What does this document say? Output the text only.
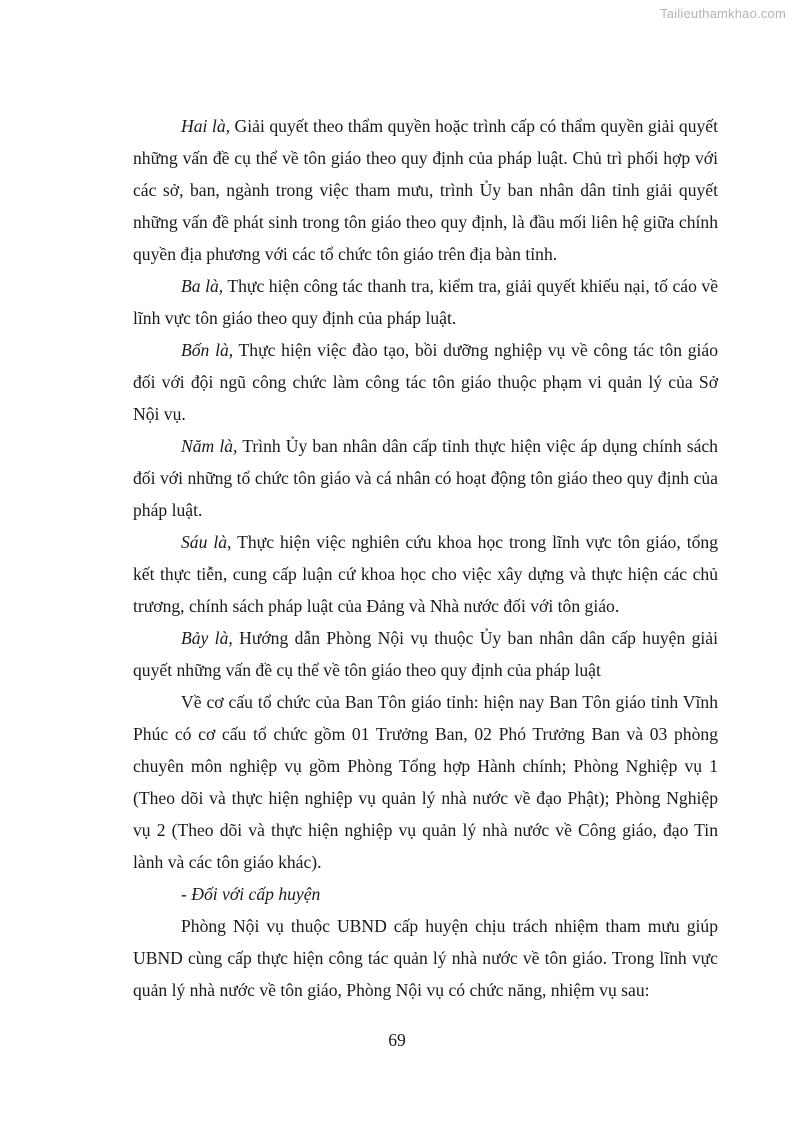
Tailieuthamkhao.com

Hai là, Giải quyết theo thẩm quyền hoặc trình cấp có thẩm quyền giải quyết những vấn đề cụ thể về tôn giáo theo quy định của pháp luật. Chủ trì phối hợp với các sở, ban, ngành trong việc tham mưu, trình Ủy ban nhân dân tỉnh giải quyết những vấn đề phát sinh trong tôn giáo theo quy định, là đầu mối liên hệ giữa chính quyền địa phương với các tổ chức tôn giáo trên địa bàn tỉnh.

Ba là, Thực hiện công tác thanh tra, kiểm tra, giải quyết khiếu nại, tố cáo về lĩnh vực tôn giáo theo quy định của pháp luật.

Bốn là, Thực hiện việc đào tạo, bồi dưỡng nghiệp vụ về công tác tôn giáo đối với đội ngũ công chức làm công tác tôn giáo thuộc phạm vi quản lý của Sở Nội vụ.

Năm là, Trình Ủy ban nhân dân cấp tỉnh thực hiện việc áp dụng chính sách đối với những tổ chức tôn giáo và cá nhân có hoạt động tôn giáo theo quy định của pháp luật.

Sáu là, Thực hiện việc nghiên cứu khoa học trong lĩnh vực tôn giáo, tổng kết thực tiễn, cung cấp luận cứ khoa học cho việc xây dựng và thực hiện các chủ trương, chính sách pháp luật của Đảng và Nhà nước đối với tôn giáo.

Bảy là, Hướng dẫn Phòng Nội vụ thuộc Ủy ban nhân dân cấp huyện giải quyết những vấn đề cụ thể về tôn giáo theo quy định của pháp luật

Về cơ cấu tổ chức của Ban Tôn giáo tỉnh: hiện nay Ban Tôn giáo tỉnh Vĩnh Phúc có cơ cấu tổ chức gồm 01 Trưởng Ban, 02 Phó Trưởng Ban và 03 phòng chuyên môn nghiệp vụ gồm Phòng Tổng hợp Hành chính; Phòng Nghiệp vụ 1 (Theo dõi và thực hiện nghiệp vụ quản lý nhà nước về đạo Phật); Phòng Nghiệp vụ 2 (Theo dõi và thực hiện nghiệp vụ quản lý nhà nước về Công giáo, đạo Tin lành và các tôn giáo khác).

- Đối với cấp huyện

Phòng Nội vụ thuộc UBND cấp huyện chịu trách nhiệm tham mưu giúp UBND cùng cấp thực hiện công tác quản lý nhà nước về tôn giáo. Trong lĩnh vực quản lý nhà nước về tôn giáo, Phòng Nội vụ có chức năng, nhiệm vụ sau:

69
